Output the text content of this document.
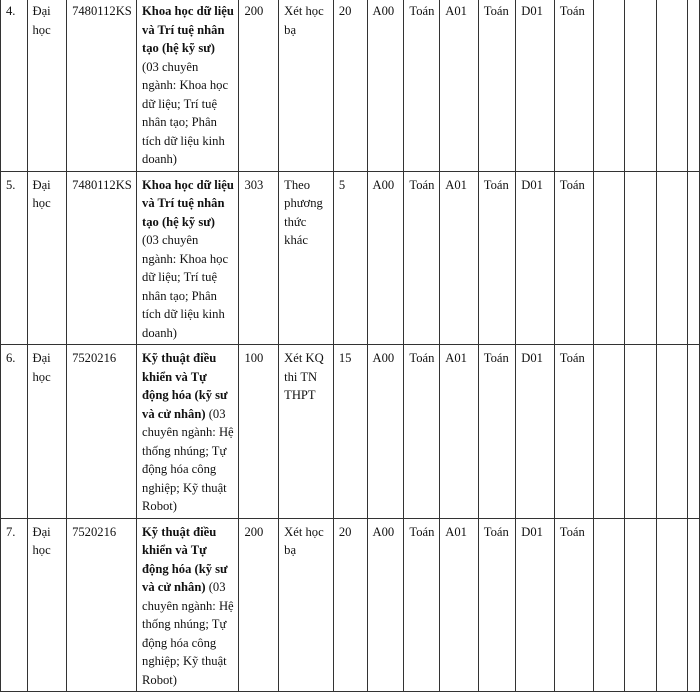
4.	Đại học	7480112KS	Khoa học dữ liệu và Trí tuệ nhân tạo (hệ kỹ sư) (03 chuyên ngành: Khoa học dữ liệu; Trí tuệ nhân tạo; Phân tích dữ liệu kinh doanh)	200	Xét học bạ	20	A00	Toán	A01	Toán	D01	Toán				
5.	Đại học	7480112KS	Khoa học dữ liệu và Trí tuệ nhân tạo (hệ kỹ sư) (03 chuyên ngành: Khoa học dữ liệu; Trí tuệ nhân tạo; Phân tích dữ liệu kinh doanh)	303	Theo phương thức khác	5	A00	Toán	A01	Toán	D01	Toán				
6.	Đại học	7520216	Kỹ thuật điều khiển và Tự động hóa (kỹ sư và cử nhân) (03 chuyên ngành: Hệ thống nhúng; Tự động hóa công nghiệp; Kỹ thuật Robot)	100	Xét KQ thi TN THPT	15	A00	Toán	A01	Toán	D01	Toán				
7.	Đại học	7520216	Kỹ thuật điều khiển và Tự động hóa (kỹ sư và cử nhân) (03 chuyên ngành: Hệ thống nhúng; Tự động hóa công nghiệp; Kỹ thuật Robot)	200	Xét học bạ	20	A00	Toán	A01	Toán	D01	Toán				
